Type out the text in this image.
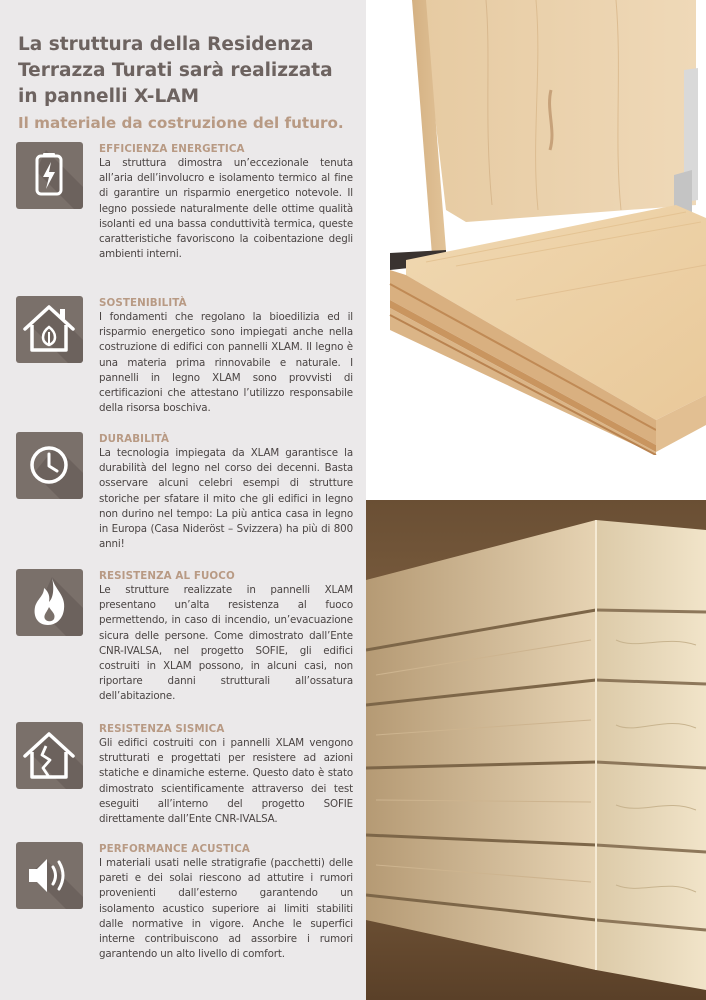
La struttura della Residenza
Terrazza Turati sarà realizzata
in pannelli X-LAM
Il materiale da costruzione del futuro.
EFFICIENZA ENERGETICA
La struttura dimostra un’eccezionale tenuta all’aria dell’involucro e isolamento termico al fine di garantire un risparmio energetico notevole. Il legno possiede naturalmente delle ottime qualità isolanti ed una bassa conduttività termica, queste caratteristiche favoriscono la coibentazione degli ambienti interni.
SOSTENIBILITÀ
I fondamenti che regolano la bioedilizia ed il risparmio energetico sono impiegati anche nella costruzione di edifici con pannelli XLAM. Il legno è una materia prima rinnovabile e naturale. I pannelli in legno XLAM sono provvisti di certificazioni che attestano l’utilizzo responsabile della risorsa boschiva.
DURABILITÀ
La tecnologia impiegata da XLAM garantisce la durabilità del legno nel corso dei decenni. Basta osservare alcuni celebri esempi di strutture storiche per sfatare il mito che gli edifici in legno non durino nel tempo: La più antica casa in legno in Europa (Casa Nideröst – Svizzera) ha più di 800 anni!
RESISTENZA AL FUOCO
Le strutture realizzate in pannelli XLAM presentano un’alta resistenza al fuoco permettendo, in caso di incendio, un’evacuazione sicura delle persone. Come dimostrato dall’Ente CNR-IVALSA, nel progetto SOFIE, gli edifici costruiti in XLAM possono, in alcuni casi, non riportare danni strutturali all’ossatura dell’abitazione.
RESISTENZA SISMICA
Gli edifici costruiti con i pannelli XLAM vengono strutturati e progettati per resistere ad azioni statiche e dinamiche esterne. Questo dato è stato dimostrato scientificamente attraverso dei test eseguiti all’interno del progetto SOFIE direttamente dall’Ente CNR-IVALSA.
PERFORMANCE ACUSTICA
I materiali usati nelle stratigrafie (pacchetti) delle pareti e dei solai riescono ad attutire i rumori provenienti dall’esterno garantendo un isolamento acustico superiore ai limiti stabiliti dalle normative in vigore. Anche le superfici interne contribuiscono ad assorbire i rumori garantendo un alto livello di comfort.
